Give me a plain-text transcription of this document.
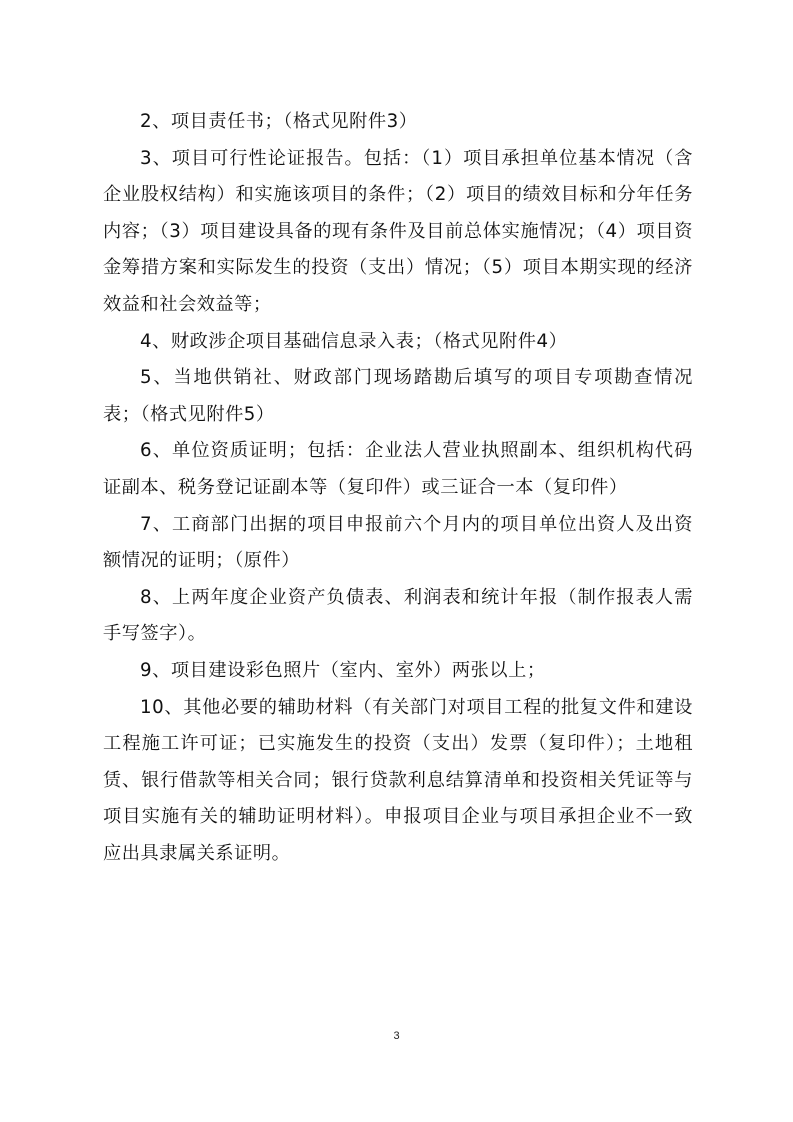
2、项目责任书；（格式见附件3）

3、项目可行性论证报告。包括：（1）项目承担单位基本情况（含企业股权结构）和实施该项目的条件；（2）项目的绩效目标和分年任务内容；（3）项目建设具备的现有条件及目前总体实施情况；（4）项目资金筹措方案和实际发生的投资（支出）情况；（5）项目本期实现的经济效益和社会效益等；

4、财政涉企项目基础信息录入表；（格式见附件4）

5、当地供销社、财政部门现场踏勘后填写的项目专项勘查情况表；（格式见附件5）

6、单位资质证明；包括：企业法人营业执照副本、组织机构代码证副本、税务登记证副本等（复印件）或三证合一本（复印件）

7、工商部门出据的项目申报前六个月内的项目单位出资人及出资额情况的证明；（原件）

8、上两年度企业资产负债表、利润表和统计年报（制作报表人需手写签字）。

9、项目建设彩色照片（室内、室外）两张以上；

10、其他必要的辅助材料（有关部门对项目工程的批复文件和建设工程施工许可证；已实施发生的投资（支出）发票（复印件）；土地租赁、银行借款等相关合同；银行贷款利息结算清单和投资相关凭证等与项目实施有关的辅助证明材料）。申报项目企业与项目承担企业不一致应出具隶属关系证明。

3
